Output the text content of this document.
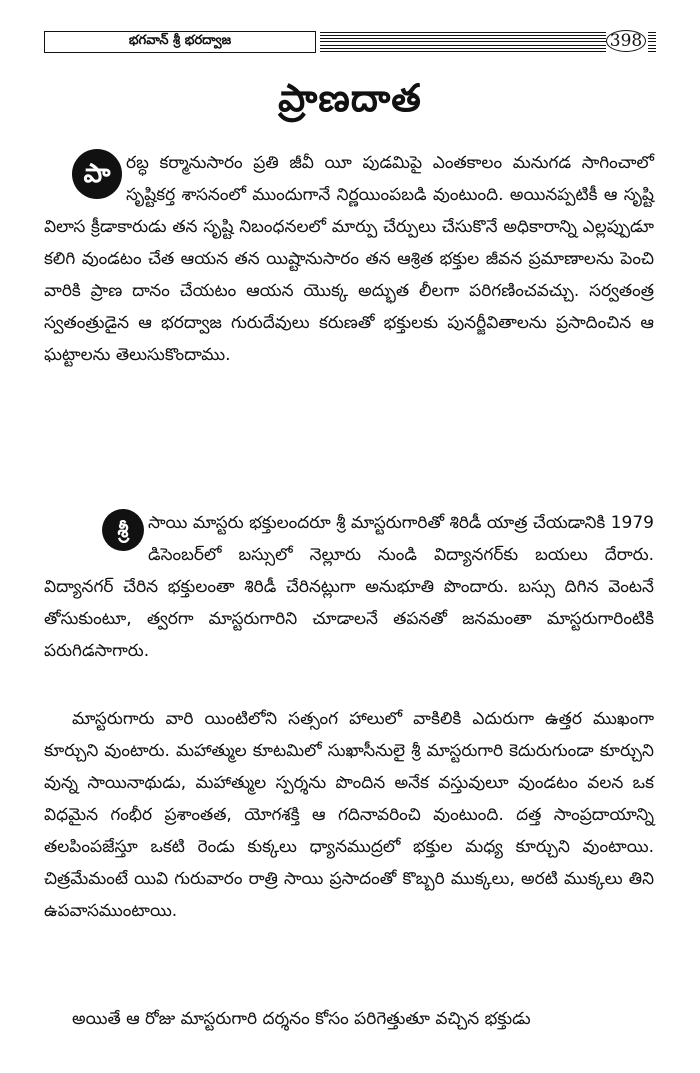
భగవాన్ శ్రీ భరద్వాజ	398
ప్రాణదాత
పా రబ్ధ కర్మానుసారం ప్రతి జీవీ యీ పుడమిపై ఎంతకాలం మనుగడ సాగించాలో సృష్టికర్త శాసనంలో ముందుగానే నిర్ణయింపబడి వుంటుంది. అయినప్పటికీ ఆ సృష్టి విలాస క్రీడాకారుడు తన సృష్టి నిబంధనలలో మార్పు చేర్పులు చేసుకొనే అధికారాన్ని ఎల్లప్పుడూ కలిగి వుండటం చేత ఆయన తన యిష్టానుసారం తన ఆశ్రిత భక్తుల జీవన ప్రమాణాలను పెంచి వారికి ప్రాణ దానం చేయటం ఆయన యొక్క అద్భుత లీలగా పరిగణించవచ్చు. సర్వతంత్ర స్వతంత్రుడైన ఆ భరద్వాజ గురుదేవులు కరుణతో భక్తులకు పునర్జీవితాలను ప్రసాదించిన ఆ ఘట్టాలను తెలుసుకొందాము.
శ్రీ	సాయి మాస్టరు భక్తులందరూ శ్రీ మాస్టరుగారితో శిరిడీ యాత్ర చేయడానికి 1979 డిసెంబర్‌లో బస్సులో నెల్లూరు నుండి విద్యానగర్‌కు బయలు దేరారు. విద్యానగర్ చేరిన భక్తులంతా శిరిడీ చేరినట్లుగా అనుభూతి పొందారు. బస్సు దిగిన వెంటనే తోసుకుంటూ, త్వరగా మాస్టరుగారిని చూడాలనే తపనతో జనమంతా మాస్టరుగారింటికి పరుగిడసాగారు.
మాస్టరుగారు వారి యింటిలోని సత్సంగ హాలులో వాకిలికి ఎదురుగా ఉత్తర ముఖంగా కూర్చుని వుంటారు. మహాత్ముల కూటమిలో సుఖాసీనులై శ్రీ మాస్టరుగారి కెదురుగుండా కూర్చుని వున్న సాయినాథుడు, మహాత్ముల స్పర్శను పొందిన అనేక వస్తువులూ వుండటం వలన ఒక విధమైన గంభీర ప్రశాంతత, యోగశక్తి ఆ గదినావరించి వుంటుంది. దత్త సాంప్రదాయాన్ని తలపింపజేస్తూ ఒకటి రెండు కుక్కలు ధ్యానముద్రలో భక్తుల మధ్య కూర్చుని వుంటాయి. చిత్రమేమంటే యివి గురువారం రాత్రి సాయి ప్రసాదంతో కొబ్బరి ముక్కలు, అరటి ముక్కలు తిని ఉపవాసముంటాయి.
అయితే ఆ రోజు మాస్టరుగారి దర్శనం కోసం పరిగెత్తుతూ వచ్చిన భక్తుడు
